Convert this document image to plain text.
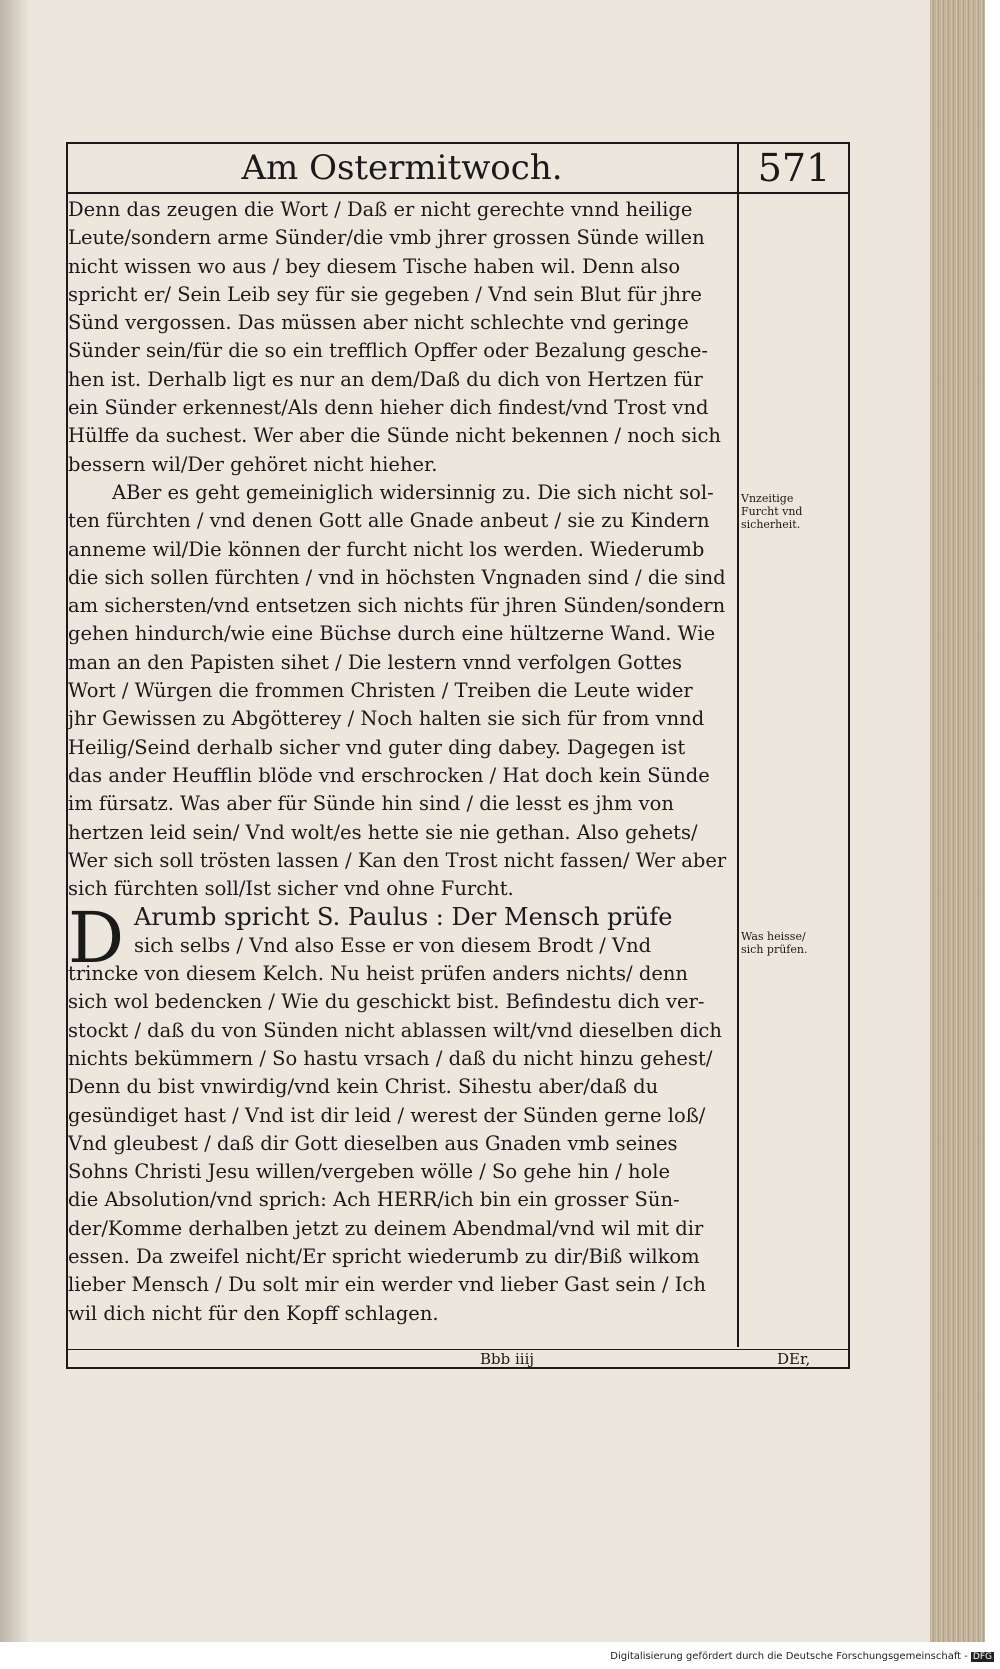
Am Ostermitwoch.	571
Denn das zeugen die Wort / Daß er nicht gerechte vnnd heilige
Leute/sondern arme Sünder/die vmb jhrer grossen Sünde willen
nicht wissen wo aus / bey diesem Tische haben wil. Denn also
spricht er/ Sein Leib sey für sie gegeben / Vnd sein Blut für jhre
Sünd vergossen. Das müssen aber nicht schlechte vnd geringe
Sünder sein/für die so ein trefflich Opffer oder Bezalung gesche-
hen ist. Derhalb ligt es nur an dem/Daß du dich von Hertzen für
ein Sünder erkennest/Als denn hieher dich findest/vnd Trost vnd
Hülffe da suchest. Wer aber die Sünde nicht bekennen / noch sich
bessern wil/Der gehöret nicht hieher.
ABer es geht gemeiniglich widersinnig zu. Die sich nicht sol-
ten fürchten / vnd denen Gott alle Gnade anbeut / sie zu Kindern
anneme wil/Die können der furcht nicht los werden. Wiederumb
die sich sollen fürchten / vnd in höchsten Vngnaden sind / die sind
am sichersten/vnd entsetzen sich nichts für jhren Sünden/sondern
gehen hindurch/wie eine Büchse durch eine hültzerne Wand. Wie
man an den Papisten sihet / Die lestern vnnd verfolgen Gottes
Wort / Würgen die frommen Christen / Treiben die Leute wider
jhr Gewissen zu Abgötterey / Noch halten sie sich für from vnnd
Heilig/Seind derhalb sicher vnd guter ding dabey. Dagegen ist
das ander Heufflin blöde vnd erschrocken / Hat doch kein Sünde
im fürsatz. Was aber für Sünde hin sind / die lesst es jhm von
hertzen leid sein/ Vnd wolt/es hette sie nie gethan. Also gehets/
Wer sich soll trösten lassen / Kan den Trost nicht fassen/ Wer aber
sich fürchten soll/Ist sicher vnd ohne Furcht.
D Arumb spricht S. Paulus : Der Mensch prüfe
sich selbs / Vnd also Esse er von diesem Brodt / Vnd
trincke von diesem Kelch. Nu heist prüfen anders nichts/ denn
sich wol bedencken / Wie du geschickt bist. Befindestu dich ver-
stockt / daß du von Sünden nicht ablassen wilt/vnd dieselben dich
nichts bekümmern / So hastu vrsach / daß du nicht hinzu gehest/
Denn du bist vnwirdig/vnd kein Christ. Sihestu aber/daß du
gesündiget hast / Vnd ist dir leid / werest der Sünden gerne loß/
Vnd gleubest / daß dir Gott dieselben aus Gnaden vmb seines
Sohns Christi Jesu willen/vergeben wölle / So gehe hin / hole
die Absolution/vnd sprich: Ach HERR/ich bin ein grosser Sün-
der/Komme derhalben jetzt zu deinem Abendmal/vnd wil mit dir
essen. Da zweifel nicht/Er spricht wiederumb zu dir/Biß wilkom
lieber Mensch / Du solt mir ein werder vnd lieber Gast sein / Ich
wil dich nicht für den Kopff schlagen.
Vnzeitige
Furcht vnd
sicherheit.
Was heisse/
sich prüfen.
Bbb iiij	DEr,
Digitalisierung gefördert durch die Deutsche Forschungsgemeinschaft - DFG
